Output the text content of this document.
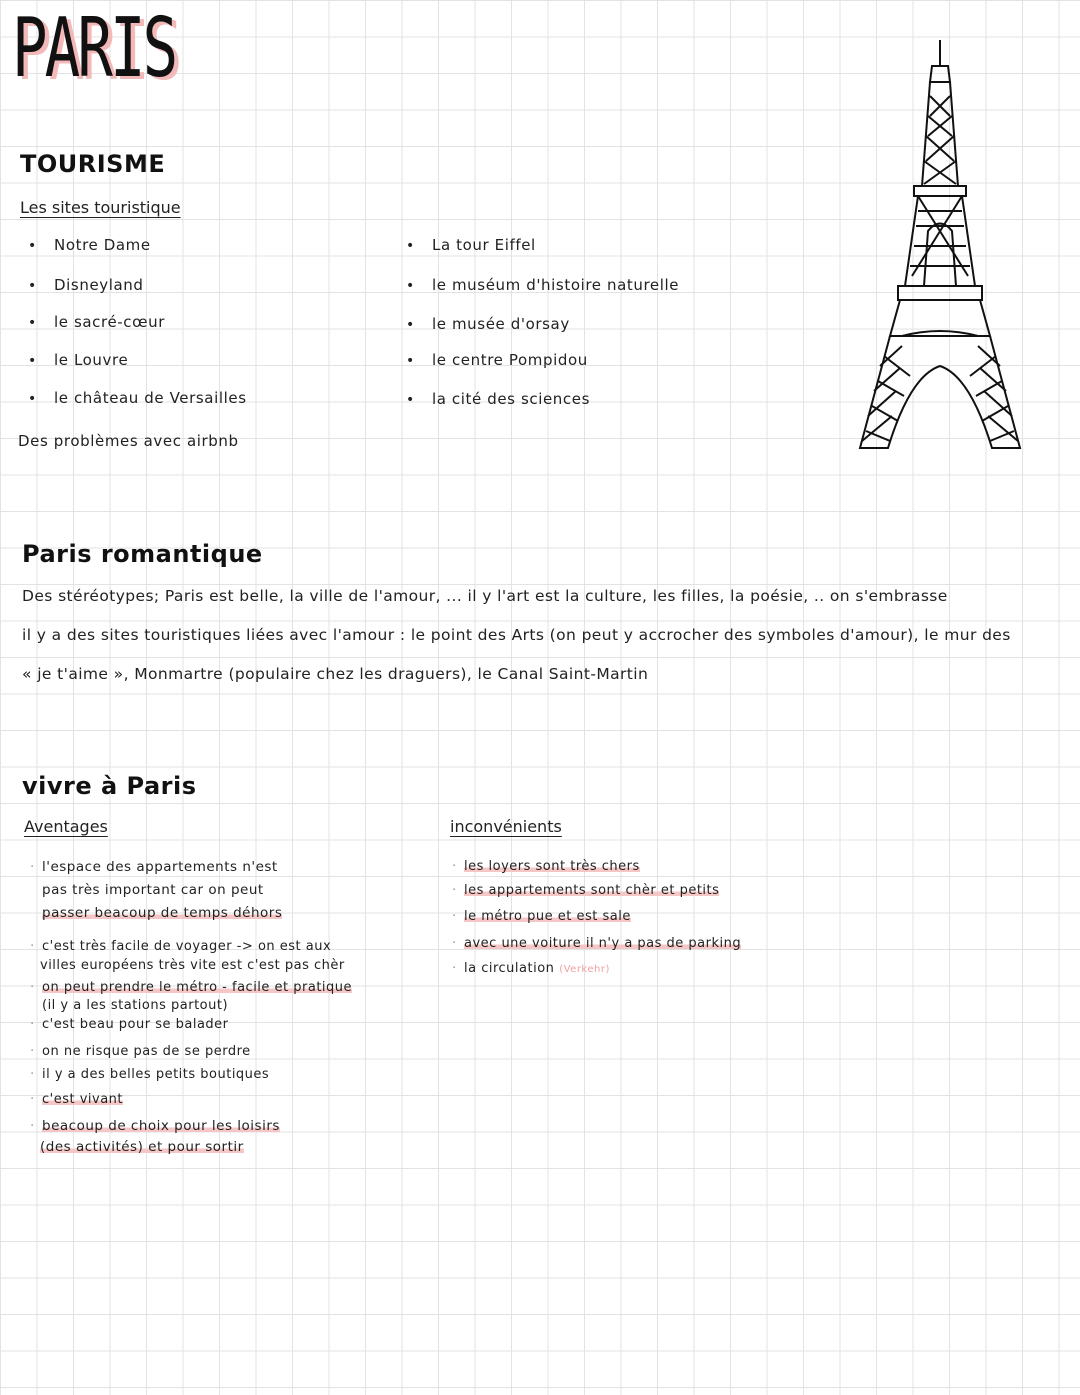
PARIS
TOURISME
Les sites touristique
• Notre Dame
• Disneyland
• le sacré-cœur
• le Louvre
• le château de Versailles
• La tour Eiffel
• le muséum d'histoire naturelle
• le musée d'orsay
• le centre Pompidou
• la cité des sciences
Des problèmes avec airbnb
Paris romantique
Des stéréotypes; Paris est belle, la ville de l'amour, ... il y l'art est la culture, les filles, la poésie, .. on s'embrasse
il y a des sites touristiques liées avec l'amour : le point des Arts (on peut y accrocher des symboles d'amour), le mur des
« je t'aime », Monmartre (populaire chez les draguers), le Canal Saint-Martin
vivre à Paris
Aventages	inconvénients
· l'espace des appartements n'est
pas très important car on peut
passer beacoup de temps déhors
· c'est très facile de voyager -> on est aux
villes européens très vite est c'est pas chèr
· on peut prendre le métro - facile et pratique
(il y a les stations partout)
· c'est beau pour se balader
· on ne risque pas de se perdre
· il y a des belles petits boutiques
· c'est vivant
· beacoup de choix pour les loisirs
(des activités) et pour sortir
· les loyers sont très chers
· les appartements sont chèr et petits
· le métro pue et est sale
· avec une voiture il n'y a pas de parking
· la circulation (Verkehr)
